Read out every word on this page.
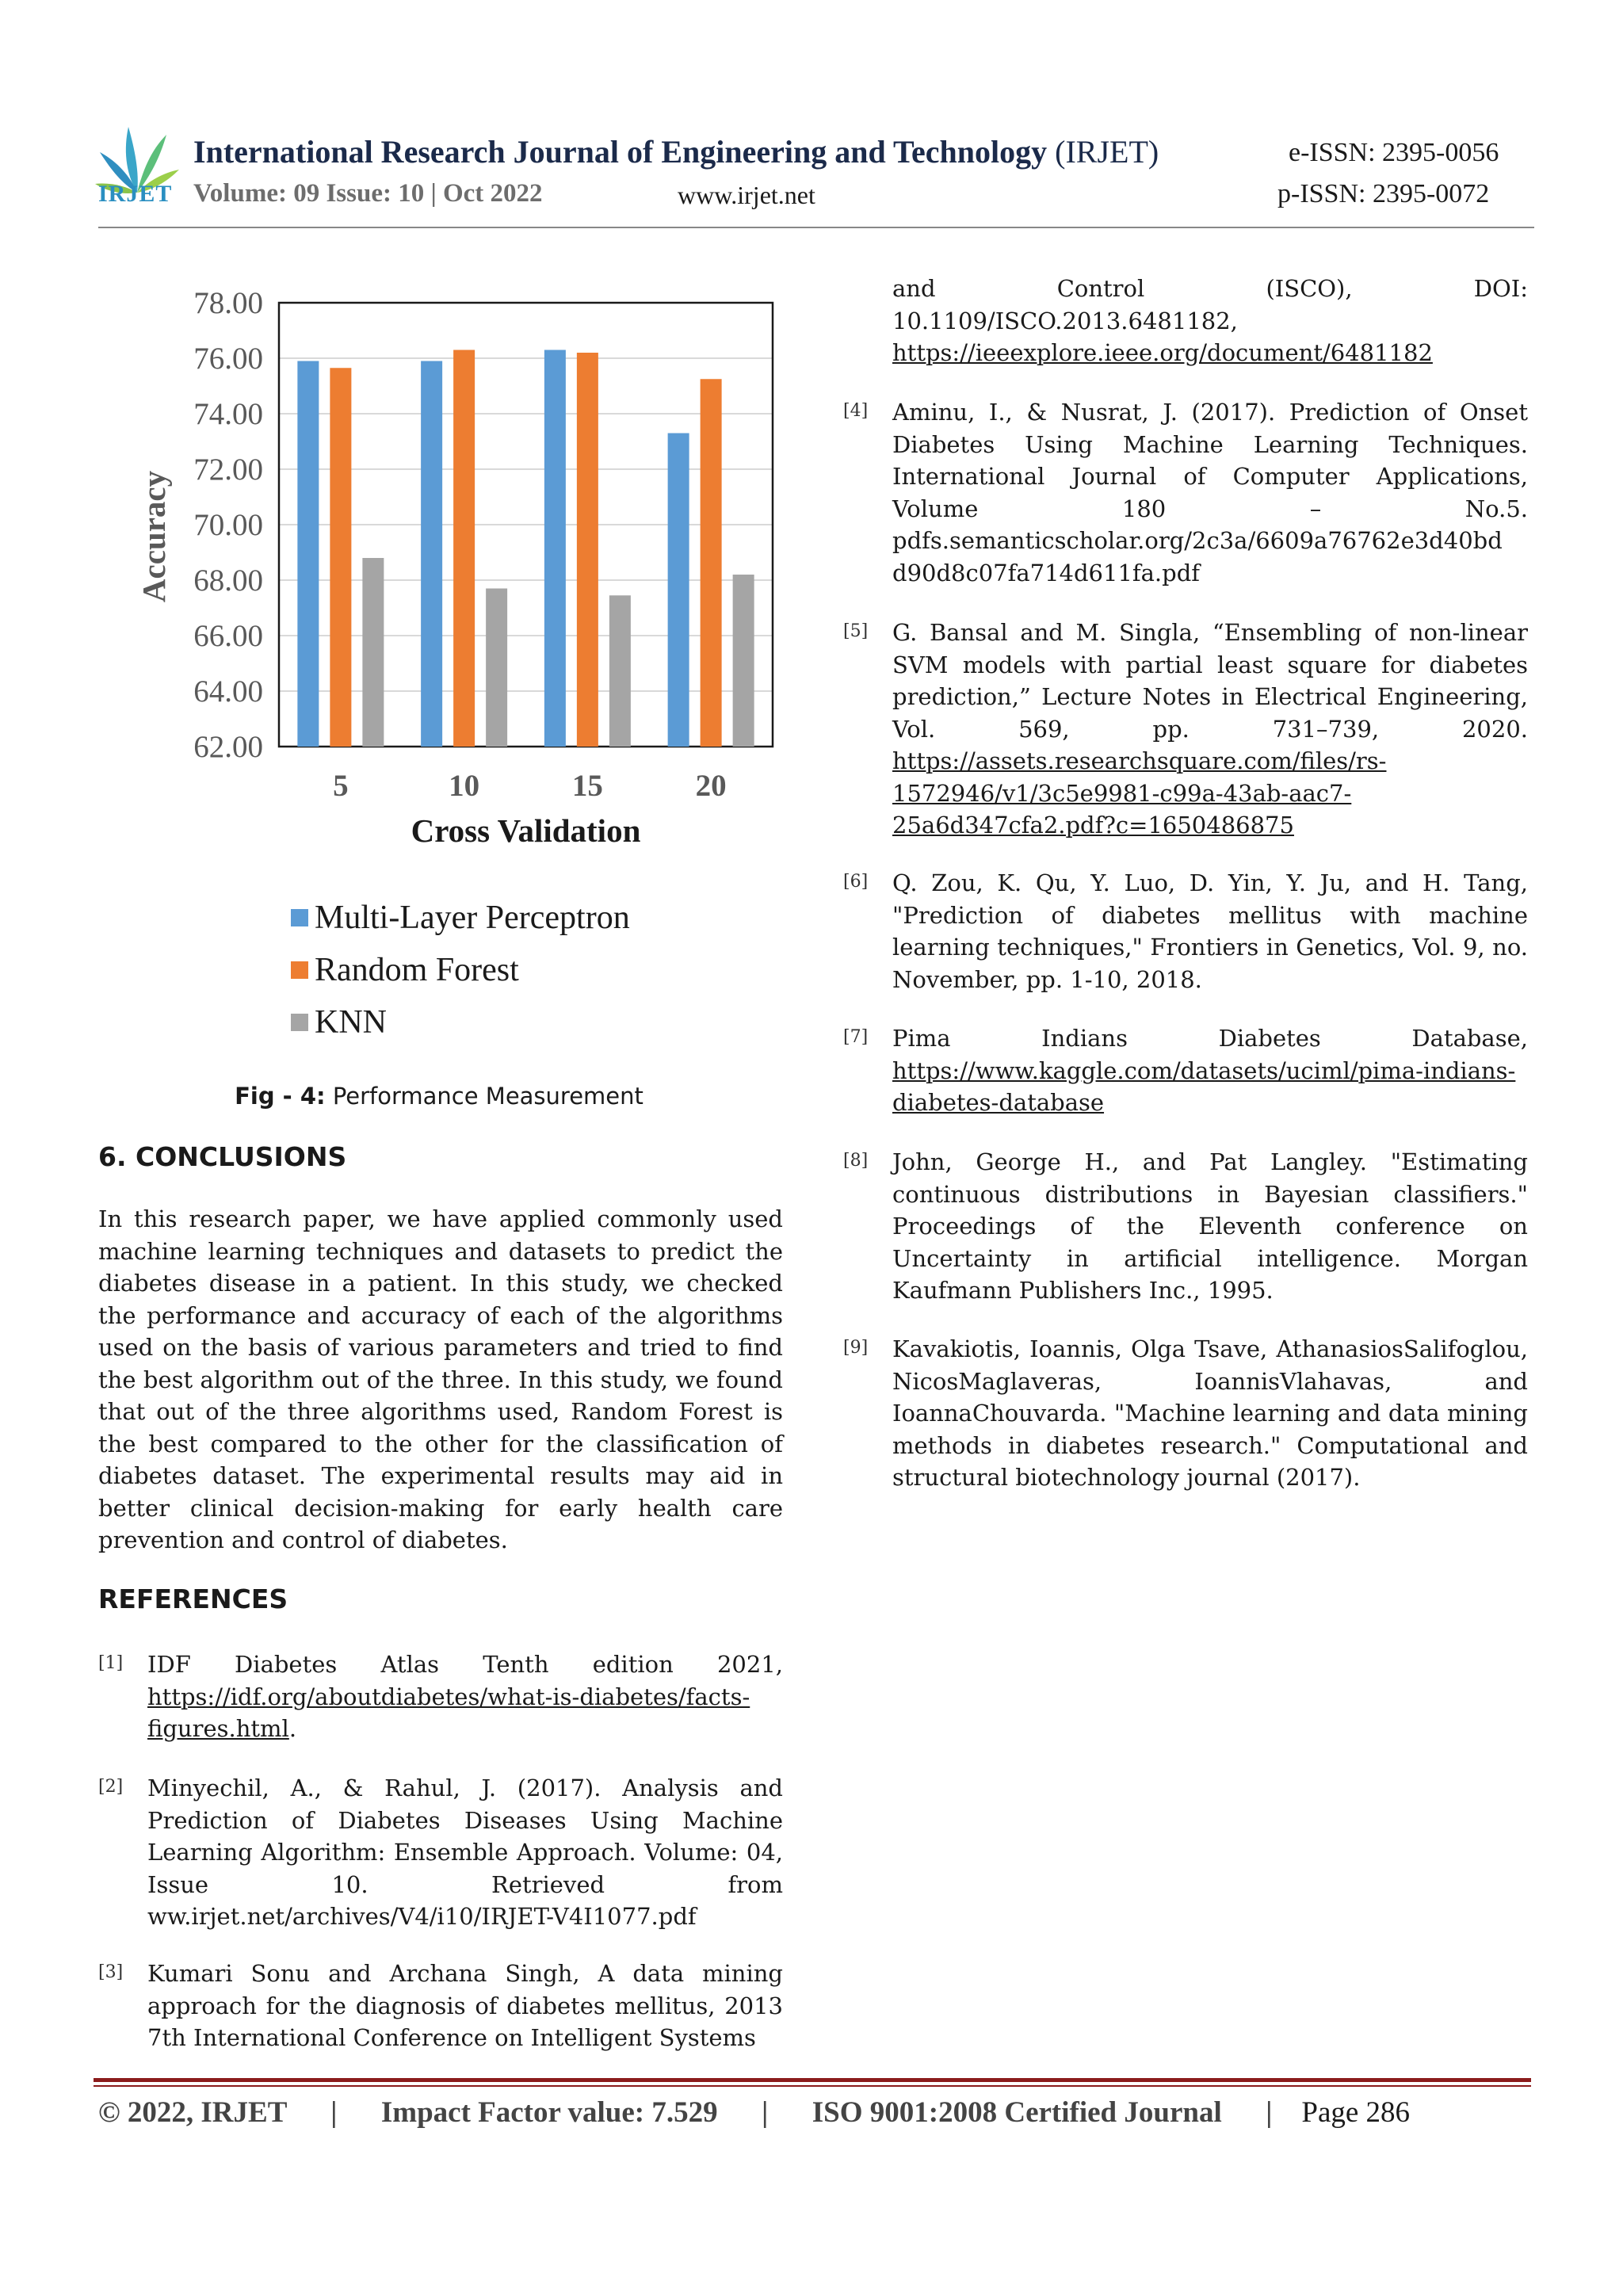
IRJET
International Research Journal of Engineering and Technology (IRJET)	e-ISSN: 2395-0056
Volume: 09 Issue: 10 | Oct 2022	www.irjet.net	p-ISSN: 2395-0072
62.00
64.00
66.00
68.00
70.00
72.00
74.00
76.00
78.00
5	10	15	20
Cross Validation
Accuracy
Multi-Layer Perceptron
Random Forest
KNN
Fig - 4: Performance Measurement
6. CONCLUSIONS
In this research paper, we have applied commonly used machine learning techniques and datasets to predict the diabetes disease in a patient. In this study, we checked the performance and accuracy of each of the algorithms used on the basis of various parameters and tried to find the best algorithm out of the three. In this study, we found that out of the three algorithms used, Random Forest is the best compared to the other for the classification of diabetes dataset. The experimental results may aid in better clinical decision-making for early health care prevention and control of diabetes.
REFERENCES
[1] IDF Diabetes Atlas Tenth edition 2021, https://idf.org/aboutdiabetes/what-is-diabetes/facts-figures.html.
[2] Minyechil, A., & Rahul, J. (2017). Analysis and Prediction of Diabetes Diseases Using Machine Learning Algorithm: Ensemble Approach. Volume: 04, Issue 10. Retrieved from ww.irjet.net/archives/V4/i10/IRJET-V4I1077.pdf
[3] Kumari Sonu and Archana Singh, A data mining approach for the diagnosis of diabetes mellitus, 2013 7th International Conference on Intelligent Systems
and Control (ISCO), DOI: 10.1109/ISCO.2013.6481182, https://ieeexplore.ieee.org/document/6481182
[4] Aminu, I., & Nusrat, J. (2017). Prediction of Onset Diabetes Using Machine Learning Techniques. International Journal of Computer Applications, Volume 180 – No.5. pdfs.semanticscholar.org/2c3a/6609a76762e3d40bd d90d8c07fa714d611fa.pdf
[5] G. Bansal and M. Singla, “Ensembling of non-linear SVM models with partial least square for diabetes prediction,” Lecture Notes in Electrical Engineering, Vol. 569, pp. 731–739, 2020. https://assets.researchsquare.com/files/rs-1572946/v1/3c5e9981-c99a-43ab-aac7-25a6d347cfa2.pdf?c=1650486875
[6] Q. Zou, K. Qu, Y. Luo, D. Yin, Y. Ju, and H. Tang, "Prediction of diabetes mellitus with machine learning techniques," Frontiers in Genetics, Vol. 9, no. November, pp. 1-10, 2018.
[7] Pima Indians Diabetes Database, https://www.kaggle.com/datasets/uciml/pima-indians-diabetes-database
[8] John, George H., and Pat Langley. "Estimating continuous distributions in Bayesian classifiers." Proceedings of the Eleventh conference on Uncertainty in artificial intelligence. Morgan Kaufmann Publishers Inc., 1995.
[9] Kavakiotis, Ioannis, Olga Tsave, AthanasiosSalifoglou, NicosMaglaveras, IoannisVlahavas, and IoannaChouvarda. "Machine learning and data mining methods in diabetes research." Computational and structural biotechnology journal (2017).
© 2022, IRJET | Impact Factor value: 7.529 | ISO 9001:2008 Certified Journal | Page 286
